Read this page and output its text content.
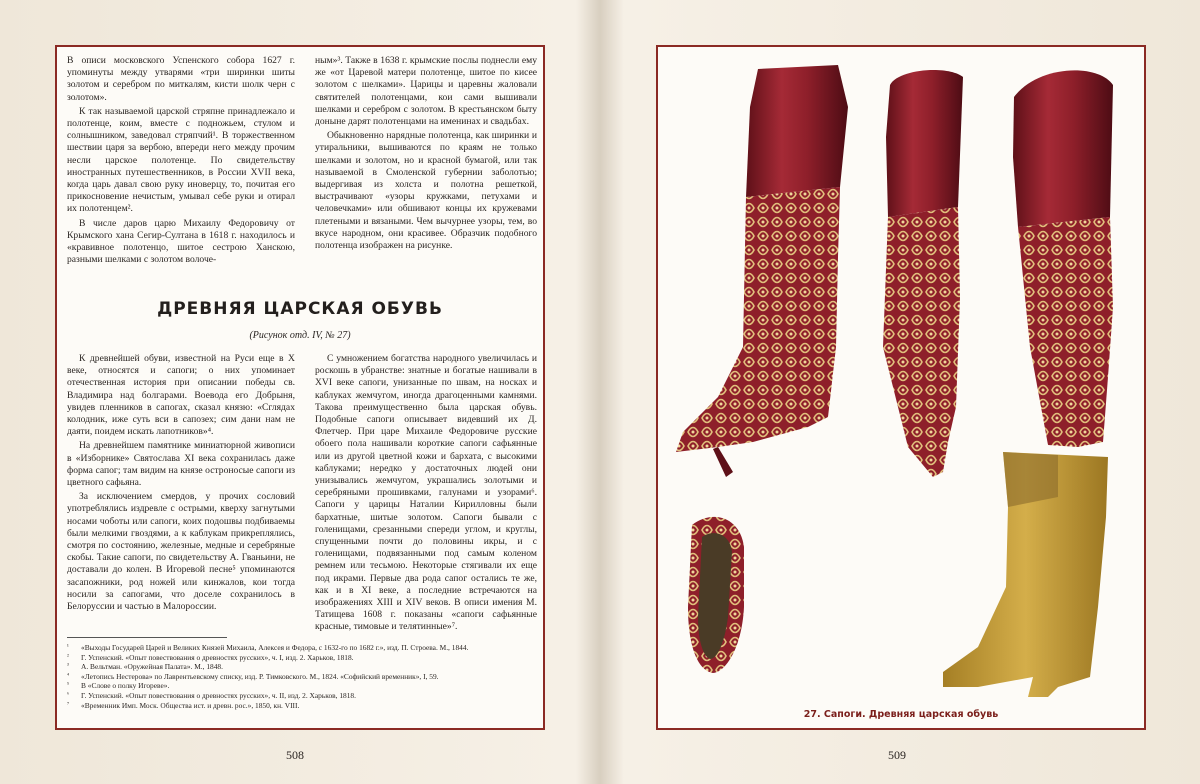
В описи московского Успенского собора 1627 г. упоминуты между утварями «три ширинки шиты золотом и серебром по миткалям, кисти шолк черн с золотом».

К так называемой царской стряпне принадлежало и полотенце, коим, вместе с подножьем, стулом и солнышником, заведовал стряпчий¹. В торжественном шествии царя за вербою, впереди него между прочим несли царское полотенце. По свидетельству иностранных путешественников, в России XVII века, когда царь давал свою руку иноверцу, то, почитая его прикосновение нечистым, умывал себе руки и отирал их полотенцем².

В числе даров царю Михаилу Федоровичу от Крымского хана Сегир-Султана в 1618 г. находилось и «кравивное полотенцо, шитое сестрою Ханскою, разными шелками с золотом волоче-

ным»³. Также в 1638 г. крымские послы поднесли ему же «от Царевой матери полотенце, шитое по кисее золотом с шелками». Царицы и царевны жаловали святителей полотенцами, кои сами вышивали шелками и серебром с золотом. В крестьянском быту доныне дарят полотенцами на именинах и свадьбах.

Обыкновенно нарядные полотенца, как ширинки и утиральники, вышиваются по краям не только шелками и золотом, но и красной бумагой, или так называемой в Смоленской губернии заболотью; выдергивая из холста и полотна решеткой, выстрачивают «узоры кружками, петухами и человечками» или обшивают концы их кружевами плетеными и вязаными. Чем вычурнее узоры, тем, во вкусе народном, они красивее. Образчик подобного полотенца изображен на рисунке.

ДРЕВНЯЯ ЦАРСКАЯ ОБУВЬ
(Рисунок отд. IV, № 27)

К древнейшей обуви, известной на Руси еще в X веке, относятся и сапоги; о них упоминает отечественная история при описании победы св. Владимира над болгарами. Воевода его Добрыня, увидев пленников в сапогах, сказал князю: «Сглядах колодник, иже суть вси в сапозех; сим дани нам не даяти, поидем искать лапотников»⁴.

На древнейшем памятнике миниатюрной живописи в «Изборнике» Святослава XI века сохранилась даже форма сапог; там видим на князе остроносые сапоги из цветного сафьяна.

За исключением смердов, у прочих сословий употреблялись издревле с острыми, кверху загнутыми носами чоботы или сапоги, коих подошвы подбиваемы были мелкими гвоздями, а к каблукам прикреплялись, смотря по состоянию, железные, медные и серебряные скобы. Такие сапоги, по свидетельству А. Гваньини, не доставали до колен. В Игоревой песне⁵ упоминаются засапожники, род ножей или кинжалов, кои тогда носили за сапогами, что доселе сохранилось в Белоруссии и частью в Малороссии.

С умножением богатства народного увеличилась и роскошь в убранстве: знатные и богатые нашивали в XVI веке сапоги, унизанные по швам, на носках и каблуках жемчугом, иногда драгоценными камнями. Такова преимущественно была царская обувь. Подобные сапоги описывает видевший их Д. Флетчер. При царе Михаиле Федоровиче русские обоего пола нашивали короткие сапоги сафьянные или из другой цветной кожи и бархата, с высокими каблуками; нередко у достаточных людей они унизывались жемчугом, украшались золотыми и серебряными прошивками, галунами и узорами⁶. Сапоги у царицы Наталии Кирилловны были бархатные, шитые золотом. Сапоги бывали с голенищами, срезанными спереди углом, и круглы, спущенными почти до половины икры, и с голенищами, подвязанными под самым коленом ремнем или тесьмою. Некоторые стягивали их еще под икрами. Первые два рода сапог остались те же, как и в XI веке, а последние встречаются на изображениях XIII и XIV веков. В описи имения М. Татищева 1608 г. показаны «сапоги сафьянные красные, тимовые и телятинные»⁷.

¹	«Выходы Государей Царей и Великих Князей Михаила, Алексея и Федора, с 1632-го по 1682 г.», изд. П. Строева. М., 1844.
²	Г. Успенский. «Опыт повествования о древностях русских», ч. I, изд. 2. Харьков, 1818.
³	А. Вельтман. «Оружейная Палата». М., 1848.
⁴	«Летопись Нестерова» по Лаврентьевскому списку, изд. Р. Тимковского. М., 1824. «Софийский временник», I, 59.
⁵	В «Слове о полку Игореве».
⁶	Г. Успенский. «Опыт повествования о древностях русских», ч. II, изд. 2. Харьков, 1818.
⁷	«Временник Имп. Моск. Общества ист. и древн. рос.», 1850, кн. VIII.
508
27. Сапоги. Древняя царская обувь
509
